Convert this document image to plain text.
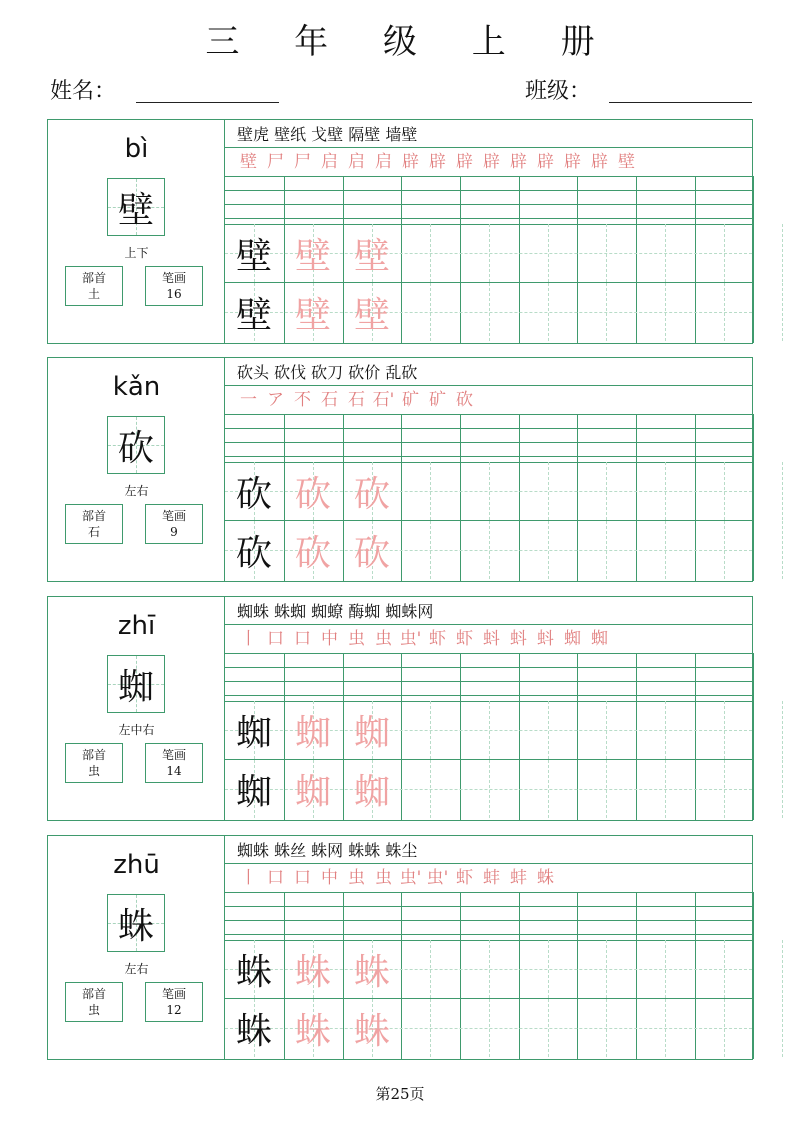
三 年 级 上 册
姓名：	班级：
bì
壁
上下
部首
土
笔画
16
壁虎 壁纸 戈壁 隔壁 墙壁
壁 尸 尸 启 启 启 辟 辟 辟 辟 辟 辟 辟 辟 壁
壁 壁 壁
壁 壁 壁
kǎn
砍
左右
部首
石
笔画
9
砍头 砍伐 砍刀 砍价 乱砍
一 ア 不 石 石 石' 矿 矿 砍
砍 砍 砍
砍 砍 砍
zhī
蜘
左中右
部首
虫
笔画
14
蜘蛛 蛛蜘 蜘蟟 酶蜘 蜘蛛网
丨 口 口 中 虫 虫 虫' 虾 虾 蚪 蚪 蚪 蜘 蜘
蜘 蜘 蜘
蜘 蜘 蜘
zhū
蛛
左右
部首
虫
笔画
12
蜘蛛 蛛丝 蛛网 蛛蛛 蛛尘
丨 口 口 中 虫 虫 虫' 虫' 虾 蚌 蚌 蛛
蛛 蛛 蛛
蛛 蛛 蛛
第25页
